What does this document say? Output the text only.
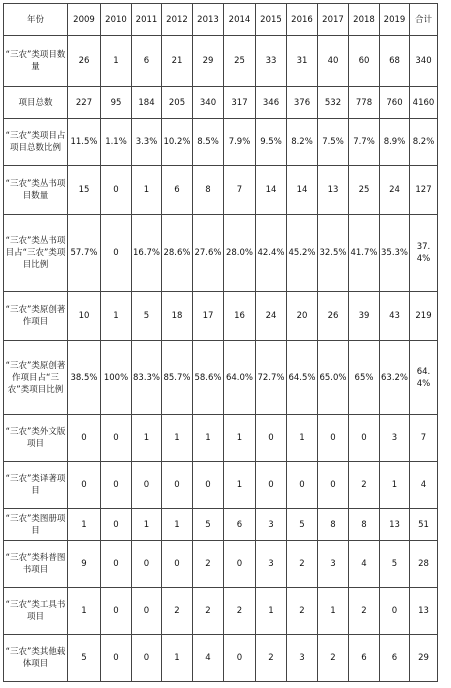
年份	2009	2010	2011	2012	2013	2014	2015	2016	2017	2018	2019	合计
“三农”类项目数量	26	1	6	21	29	25	33	31	40	60	68	340
项目总数	227	95	184	205	340	317	346	376	532	778	760	4160
“三农”类项目占项目总数比例	11.5%	1.1%	3.3%	10.2%	8.5%	7.9%	9.5%	8.2%	7.5%	7.7%	8.9%	8.2%
“三农”类丛书项目数量	15	0	1	6	8	7	14	14	13	25	24	127
“三农”类丛书项目占“三农”类项目比例	57.7%	0	16.7%	28.6%	27.6%	28.0%	42.4%	45.2%	32.5%	41.7%	35.3%	37.4%
“三农”类原创著作项目	10	1	5	18	17	16	24	20	26	39	43	219
“三农”类原创著作项目占“三农”类项目比例	38.5%	100%	83.3%	85.7%	58.6%	64.0%	72.7%	64.5%	65.0%	65%	63.2%	64.4%
“三农”类外文版项目	0	0	1	1	1	1	0	1	0	0	3	7
“三农”类译著项目	0	0	0	0	0	1	0	0	0	2	1	4
“三农”类图册项目	1	0	1	1	5	6	3	5	8	8	13	51
“三农”类科普图书项目	9	0	0	0	2	0	3	2	3	4	5	28
“三农”类工具书项目	1	0	0	2	2	2	1	2	1	2	0	13
“三农”类其他载体项目	5	0	0	1	4	0	2	3	2	6	6	29
